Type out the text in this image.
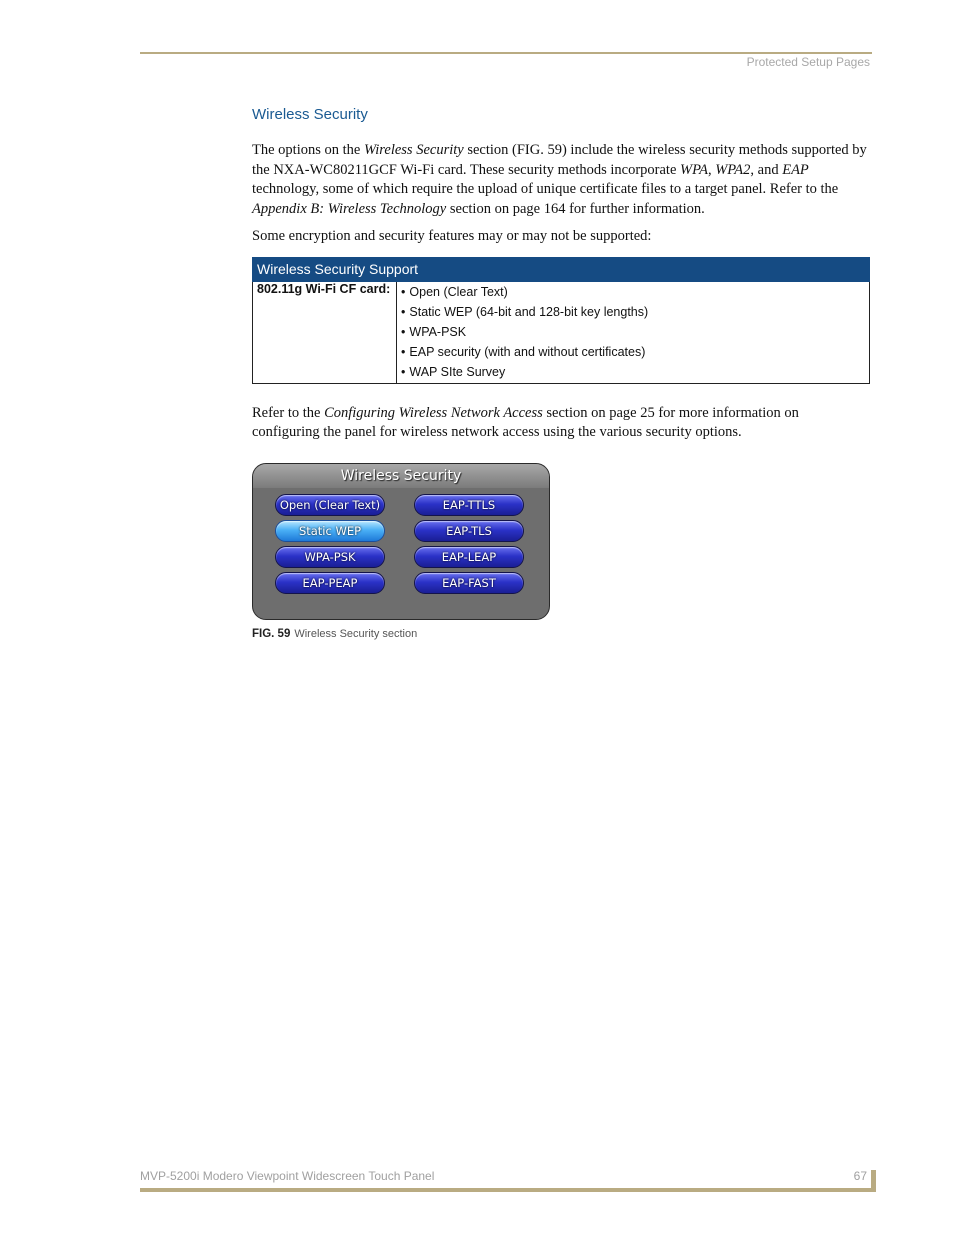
Protected Setup Pages
Wireless Security

The options on the Wireless Security section (FIG. 59) include the wireless security methods supported by the NXA-WC80211GCF Wi-Fi card. These security methods incorporate WPA, WPA2, and EAP technology, some of which require the upload of unique certificate files to a target panel. Refer to the Appendix B: Wireless Technology section on page 164 for further information.

Some encryption and security features may or may not be supported:

Wireless Security Support
802.11g Wi-Fi CF card:	
•Open (Clear Text)
• Static WEP (64-bit and 128-bit key lengths)
• WPA-PSK
• EAP security (with and without certificates)
• WAP SIte Survey

Refer to the Configuring Wireless Network Access section on page 25 for more information on configuring the panel for wireless network access using the various security options.

Wireless Security
Open (Clear Text)	EAP-TTLS
Static WEP	EAP-TLS
WPA-PSK	EAP-LEAP
EAP-PEAP	EAP-FAST
FIG. 59 Wireless Security section
MVP-5200i Modero Viewpoint Widescreen Touch Panel	67
